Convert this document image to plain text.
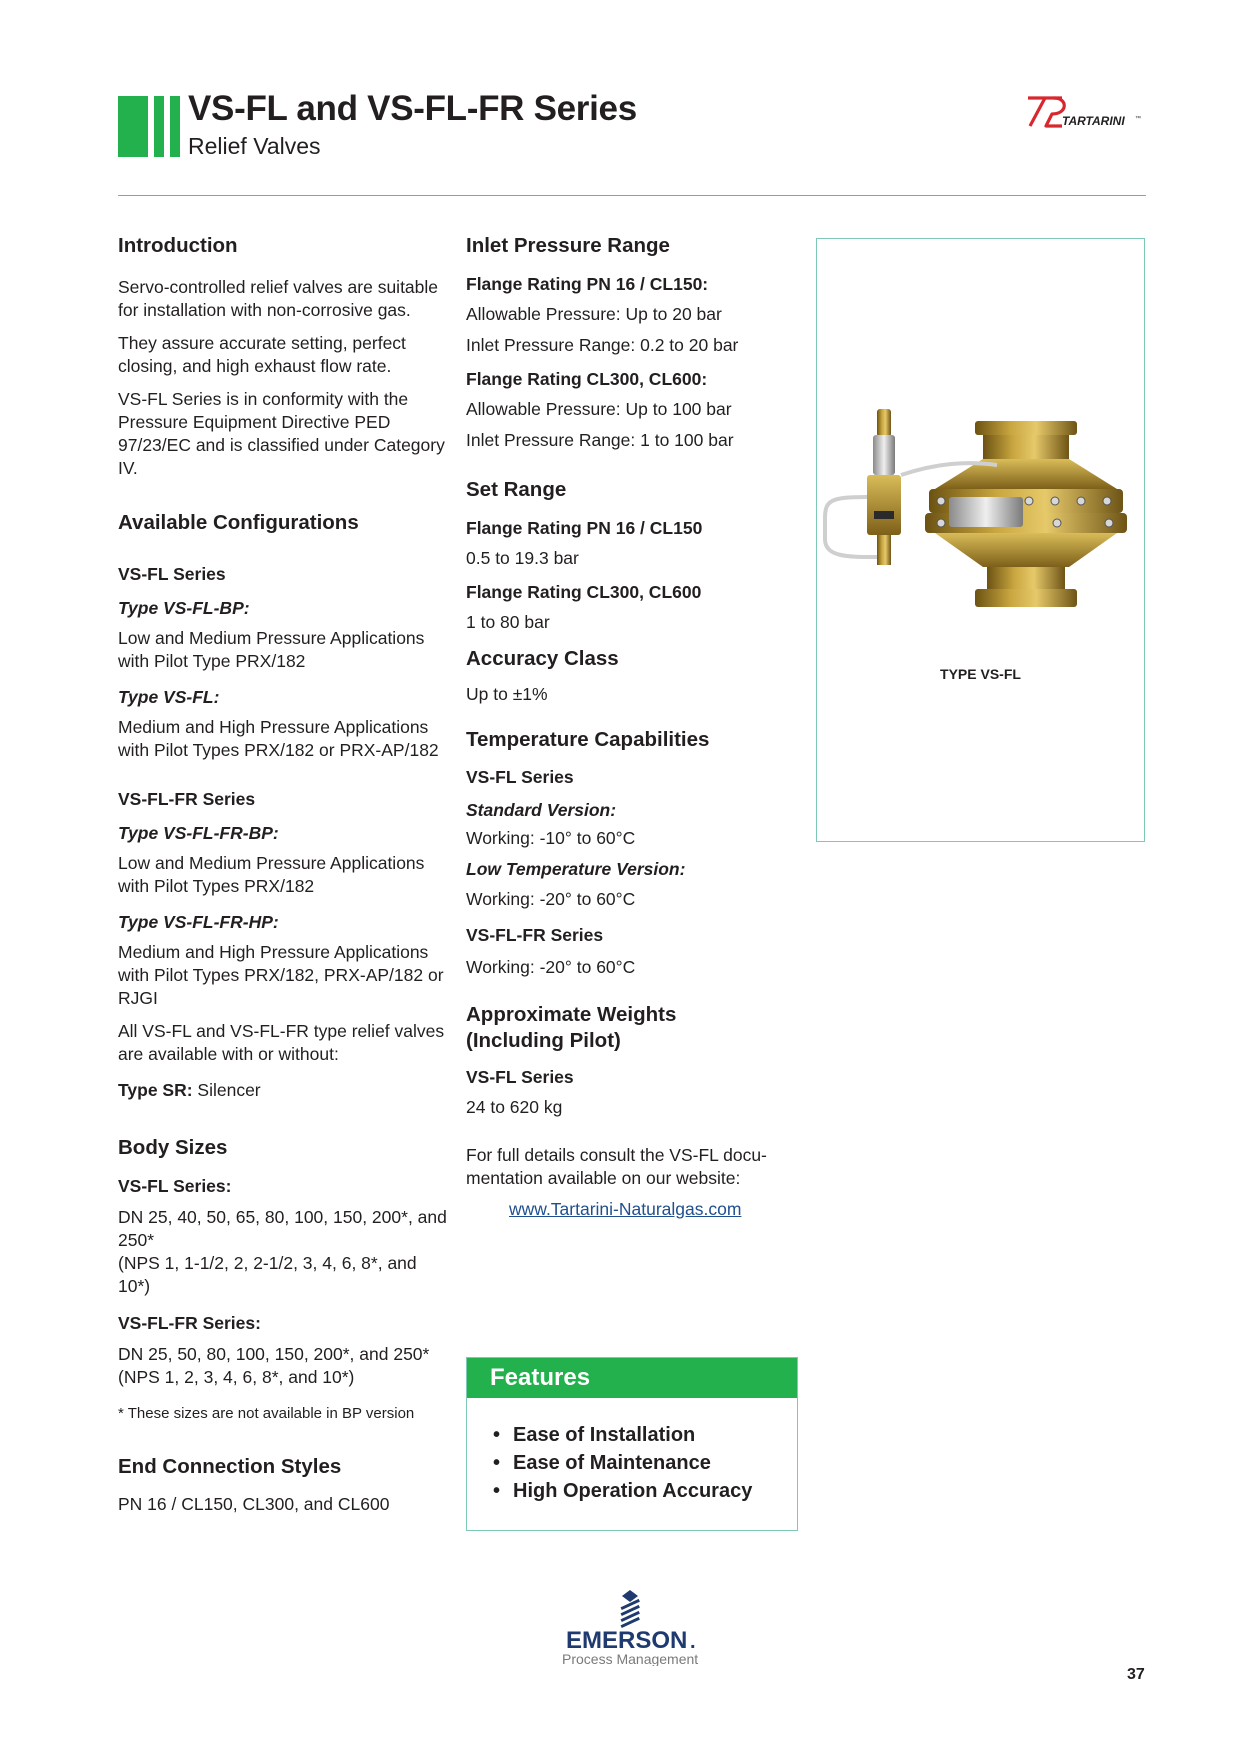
VS-FL and VS-FL-FR Series
Relief Valves
TARTARINI ™
Introduction

Servo-controlled relief valves are suitable for installation with non-corrosive gas.

They assure accurate setting, perfect closing, and high exhaust flow rate.

VS-FL Series is in conformity with the Pressure Equipment Directive PED 97/23/EC and is classified under Category IV.

Available Configurations
VS-FL Series
Type VS-FL-BP:

Low and Medium Pressure Applications with Pilot Type PRX/182

Type VS-FL:

Medium and High Pressure Applications with Pilot Types PRX/182 or PRX-AP/182

VS-FL-FR Series
Type VS-FL-FR-BP:

Low and Medium Pressure Applications with Pilot Types PRX/182

Type VS-FL-FR-HP:

Medium and High Pressure Applications with Pilot Types PRX/182, PRX-AP/182 or RJGI

All VS-FL and VS-FL-FR type relief valves are available with or without:

Type SR: Silencer

Body Sizes
VS-FL Series:

DN 25, 40, 50, 65, 80, 100, 150, 200*, and 250*

(NPS 1, 1-1/2, 2, 2-1/2, 3, 4, 6, 8*, and 10*)

VS-FL-FR Series:

DN 25, 50, 80, 100, 150, 200*, and 250*

(NPS 1, 2, 3, 4, 6, 8*, and 10*)

* These sizes are not available in BP version

End Connection Styles

PN 16 / CL150, CL300, and CL600

Inlet Pressure Range
Flange Rating PN 16 / CL150:

Allowable Pressure: Up to 20 bar

Inlet Pressure Range: 0.2 to 20 bar

Flange Rating CL300, CL600:

Allowable Pressure: Up to 100 bar

Inlet Pressure Range: 1 to 100 bar

Set Range
Flange Rating PN 16 / CL150

0.5 to 19.3 bar

Flange Rating CL300, CL600

1 to 80 bar

Accuracy Class

Up to ±1%

Temperature Capabilities
VS-FL Series
Standard Version:

Working: -10° to 60°C

Low Temperature Version:

Working: -20° to 60°C

VS-FL-FR Series

Working: -20° to 60°C

Approximate Weights
(Including Pilot)
VS-FL Series

24 to 620 kg

For full details consult the VS-FL docu- mentation available on our website:

www.Tartarini-Naturalgas.com

TYPE VS-FL
Features
• Ease of Installation
• Ease of Maintenance
• High Operation Accuracy
EMERSON .
Process Management
37
